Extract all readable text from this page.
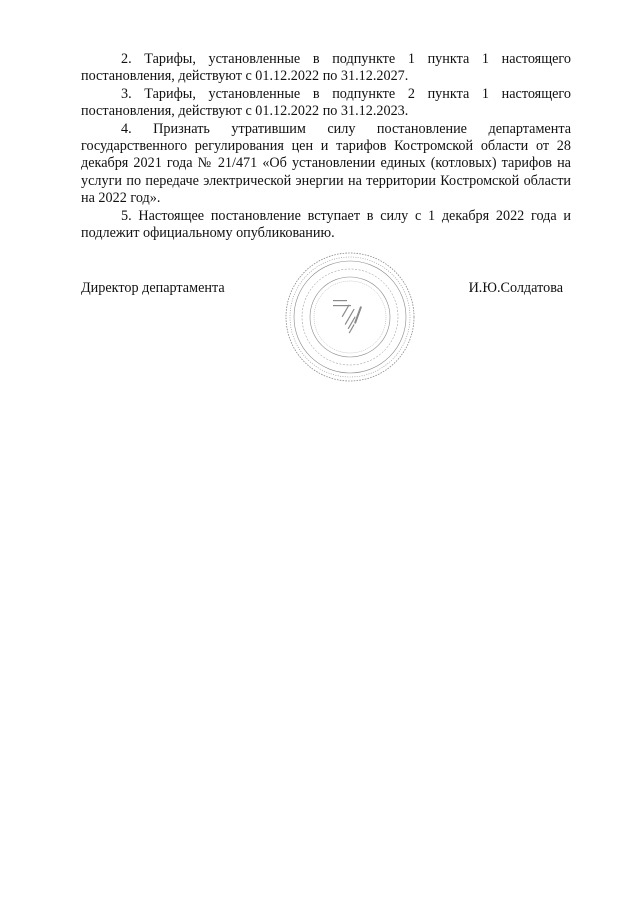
2. Тарифы, установленные в подпункте 1 пункта 1 настоящего постановления, действуют с 01.12.2022 по 31.12.2027.

3. Тарифы, установленные в подпункте 2 пункта 1 настоящего постановления, действуют с 01.12.2022 по 31.12.2023.

4. Признать утратившим силу постановление департамента государственного регулирования цен и тарифов Костромской области от 28 декабря 2021 года № 21/471 «Об установлении единых (котловых) тарифов на услуги по передаче электрической энергии на территории Костромской области на 2022 год».

5. Настоящее постановление вступает в силу с 1 декабря 2022 года и подлежит официальному опубликованию.

Директор департамента	И.Ю.Солдатова
